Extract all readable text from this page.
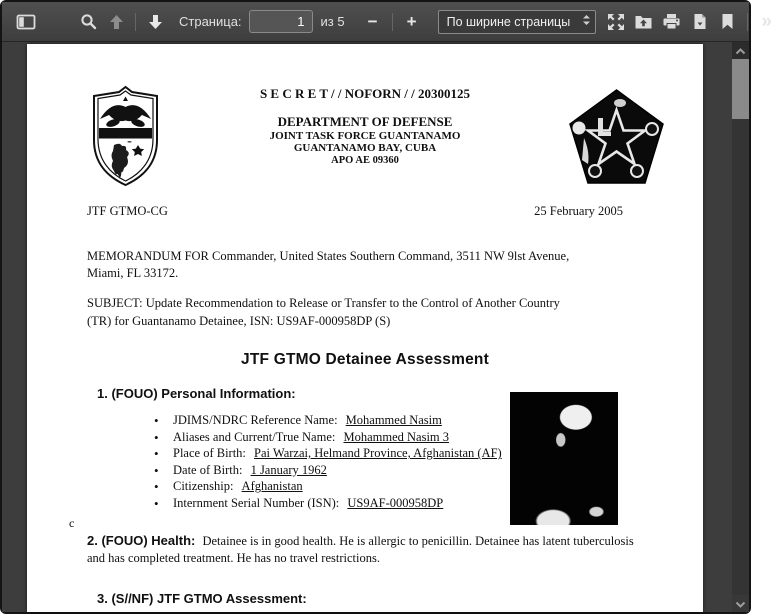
Страница:
1	из 5	−	+	По ширине страницы	»
S E C R E T / / NOFORN / / 20300125
DEPARTMENT OF DEFENSE
JOINT TASK FORCE GUANTANAMO
GUANTANAMO BAY, CUBA
APO AE 09360
JTF GTMO-CG	25 February 2005
MEMORANDUM FOR Commander, United States Southern Command, 3511 NW 9lst Avenue,
Miami, FL 33172.
SUBJECT: Update Recommendation to Release or Transfer to the Control of Another Country
(TR) for Guantanamo Detainee, ISN: US9AF-000958DP (S)
JTF GTMO Detainee Assessment
1. (FOUO) Personal Information:
• JDIMS/NDRC Reference Name: Mohammed Nasim
• Aliases and Current/True Name: Mohammed Nasim 3
• Place of Birth: Pai Warzai, Helmand Province, Afghanistan (AF)
• Date of Birth: 1 January 1962
• Citizenship: Afghanistan
• Internment Serial Number (ISN): US9AF-000958DP
c
2. (FOUO) Health: Detainee is in good health. He is allergic to penicillin. Detainee has latent tuberculosis and has completed treatment. He has no travel restrictions.
3. (S//NF) JTF GTMO Assessment:
